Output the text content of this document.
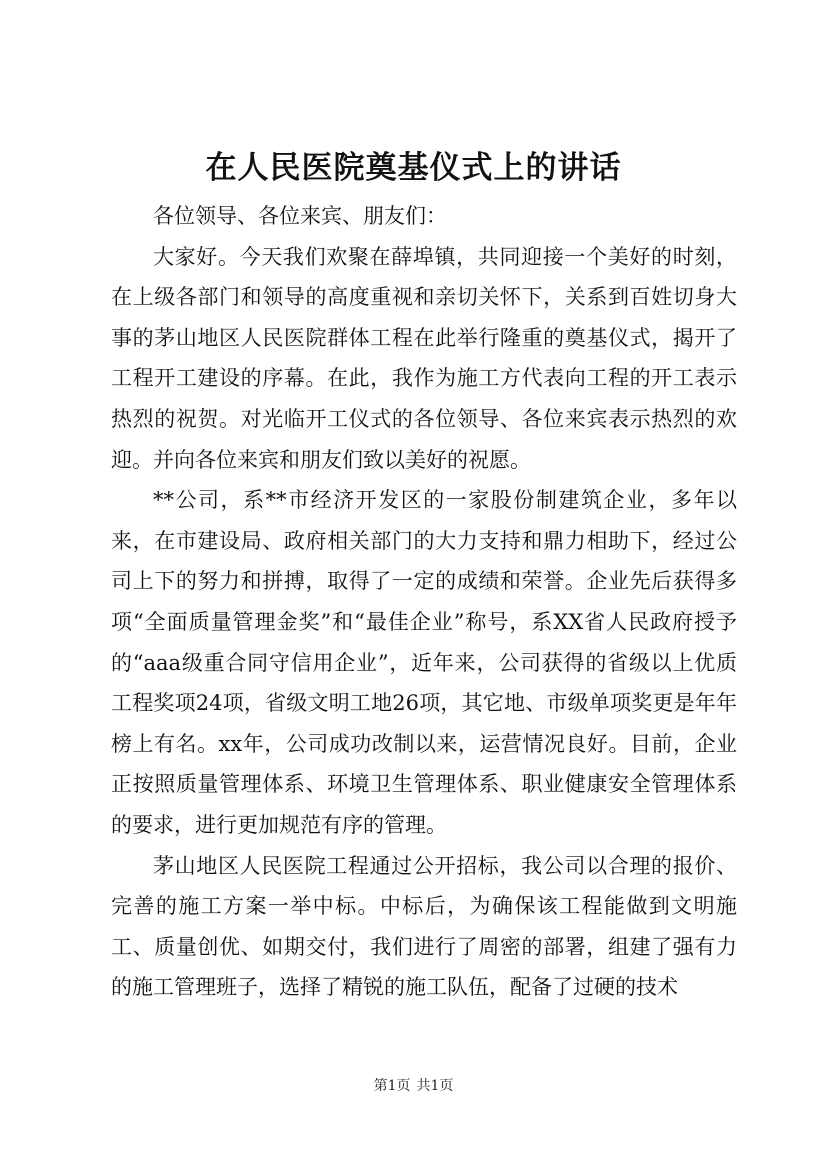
在人民医院奠基仪式上的讲话

各位领导、各位来宾、朋友们：

大家好。今天我们欢聚在薛埠镇，共同迎接一个美好的时刻，在上级各部门和领导的高度重视和亲切关怀下，关系到百姓切身大事的茅山地区人民医院群体工程在此举行隆重的奠基仪式，揭开了工程开工建设的序幕。在此，我作为施工方代表向工程的开工表示热烈的祝贺。对光临开工仪式的各位领导、各位来宾表示热烈的欢迎。并向各位来宾和朋友们致以美好的祝愿。

**公司，系**市经济开发区的一家股份制建筑企业，多年以来，在市建设局、政府相关部门的大力支持和鼎力相助下，经过公司上下的努力和拼搏，取得了一定的成绩和荣誉。企业先后获得多项“全面质量管理金奖”和“最佳企业”称号，系XX省人民政府授予的“aaa级重合同守信用企业”，近年来，公司获得的省级以上优质工程奖项24项，省级文明工地26项，其它地、市级单项奖更是年年榜上有名。xx年，公司成功改制以来，运营情况良好。目前，企业正按照质量管理体系、环境卫生管理体系、职业健康安全管理体系的要求，进行更加规范有序的管理。

茅山地区人民医院工程通过公开招标，我公司以合理的报价、完善的施工方案一举中标。中标后，为确保该工程能做到文明施工、质量创优、如期交付，我们进行了周密的部署，组建了强有力的施工管理班子，选择了精锐的施工队伍，配备了过硬的技术

第1页 共1页
